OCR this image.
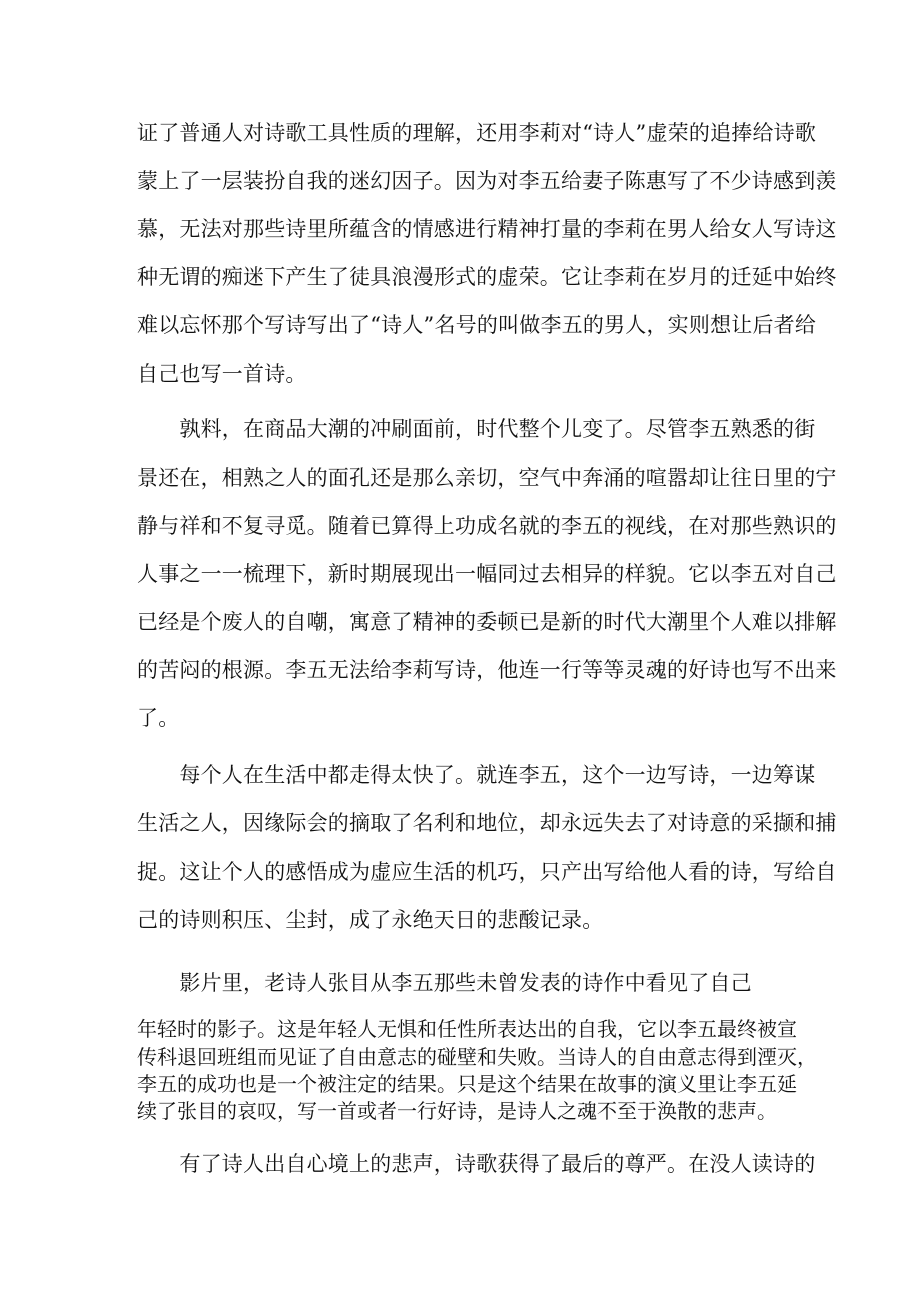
证了普通人对诗歌工具性质的理解，还用李莉对“诗人”虚荣的追捧给诗歌
蒙上了一层装扮自我的迷幻因子。因为对李五给妻子陈惠写了不少诗感到羡
慕，无法对那些诗里所蕴含的情感进行精神打量的李莉在男人给女人写诗这
种无谓的痴迷下产生了徒具浪漫形式的虚荣。它让李莉在岁月的迁延中始终
难以忘怀那个写诗写出了“诗人”名号的叫做李五的男人，实则想让后者给
自己也写一首诗。
　　孰料，在商品大潮的冲刷面前，时代整个儿变了。尽管李五熟悉的街
景还在，相熟之人的面孔还是那么亲切，空气中奔涌的喧嚣却让往日里的宁
静与祥和不复寻觅。随着已算得上功成名就的李五的视线，在对那些熟识的
人事之一一梳理下，新时期展现出一幅同过去相异的样貌。它以李五对自己
已经是个废人的自嘲，寓意了精神的委顿已是新的时代大潮里个人难以排解
的苦闷的根源。李五无法给李莉写诗，他连一行等等灵魂的好诗也写不出来
了。
　　每个人在生活中都走得太快了。就连李五，这个一边写诗，一边筹谋
生活之人，因缘际会的摘取了名利和地位，却永远失去了对诗意的采撷和捕
捉。这让个人的感悟成为虚应生活的机巧，只产出写给他人看的诗，写给自
己的诗则积压、尘封，成了永绝天日的悲酸记录。
　　影片里，老诗人张目从李五那些未曾发表的诗作中看见了自己
年轻时的影子。这是年轻人无惧和任性所表达出的自我，它以李五最终被宣
传科退回班组而见证了自由意志的碰壁和失败。当诗人的自由意志得到湮灭，
李五的成功也是一个被注定的结果。只是这个结果在故事的演义里让李五延
续了张目的哀叹，写一首或者一行好诗，是诗人之魂不至于涣散的悲声。
　　有了诗人出自心境上的悲声，诗歌获得了最后的尊严。在没人读诗的
